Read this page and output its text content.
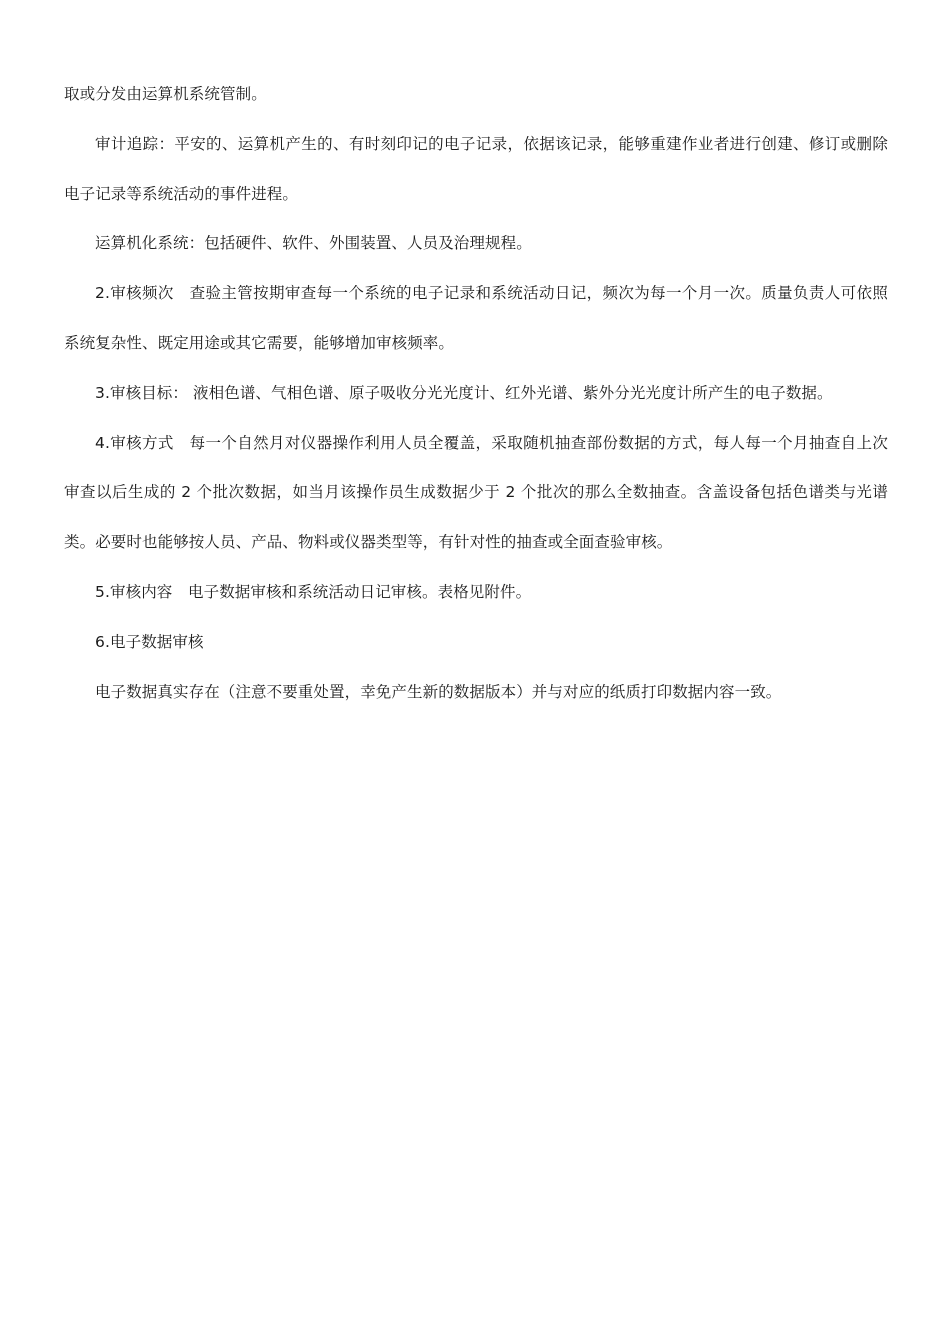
取或分发由运算机系统管制。

审计追踪：平安的、运算机产生的、有时刻印记的电子记录，依据该记录，能够重建作业者进行创建、修订或删除电子记录等系统活动的事件进程。

运算机化系统：包括硬件、软件、外围装置、人员及治理规程。

2.审核频次　查验主管按期审查每一个系统的电子记录和系统活动日记，频次为每一个月一次。质量负责人可依照系统复杂性、既定用途或其它需要，能够增加审核频率。

3.审核目标： 液相色谱、气相色谱、原子吸收分光光度计、红外光谱、紫外分光光度计所产生的电子数据。

4.审核方式　每一个自然月对仪器操作利用人员全覆盖，采取随机抽查部份数据的方式，每人每一个月抽查自上次审查以后生成的 2 个批次数据，如当月该操作员生成数据少于 2 个批次的那么全数抽查。含盖设备包括色谱类与光谱类。必要时也能够按人员、产品、物料或仪器类型等，有针对性的抽查或全面查验审核。

5.审核内容　电子数据审核和系统活动日记审核。表格见附件。

6.电子数据审核

电子数据真实存在（注意不要重处置，幸免产生新的数据版本）并与对应的纸质打印数据内容一致。
